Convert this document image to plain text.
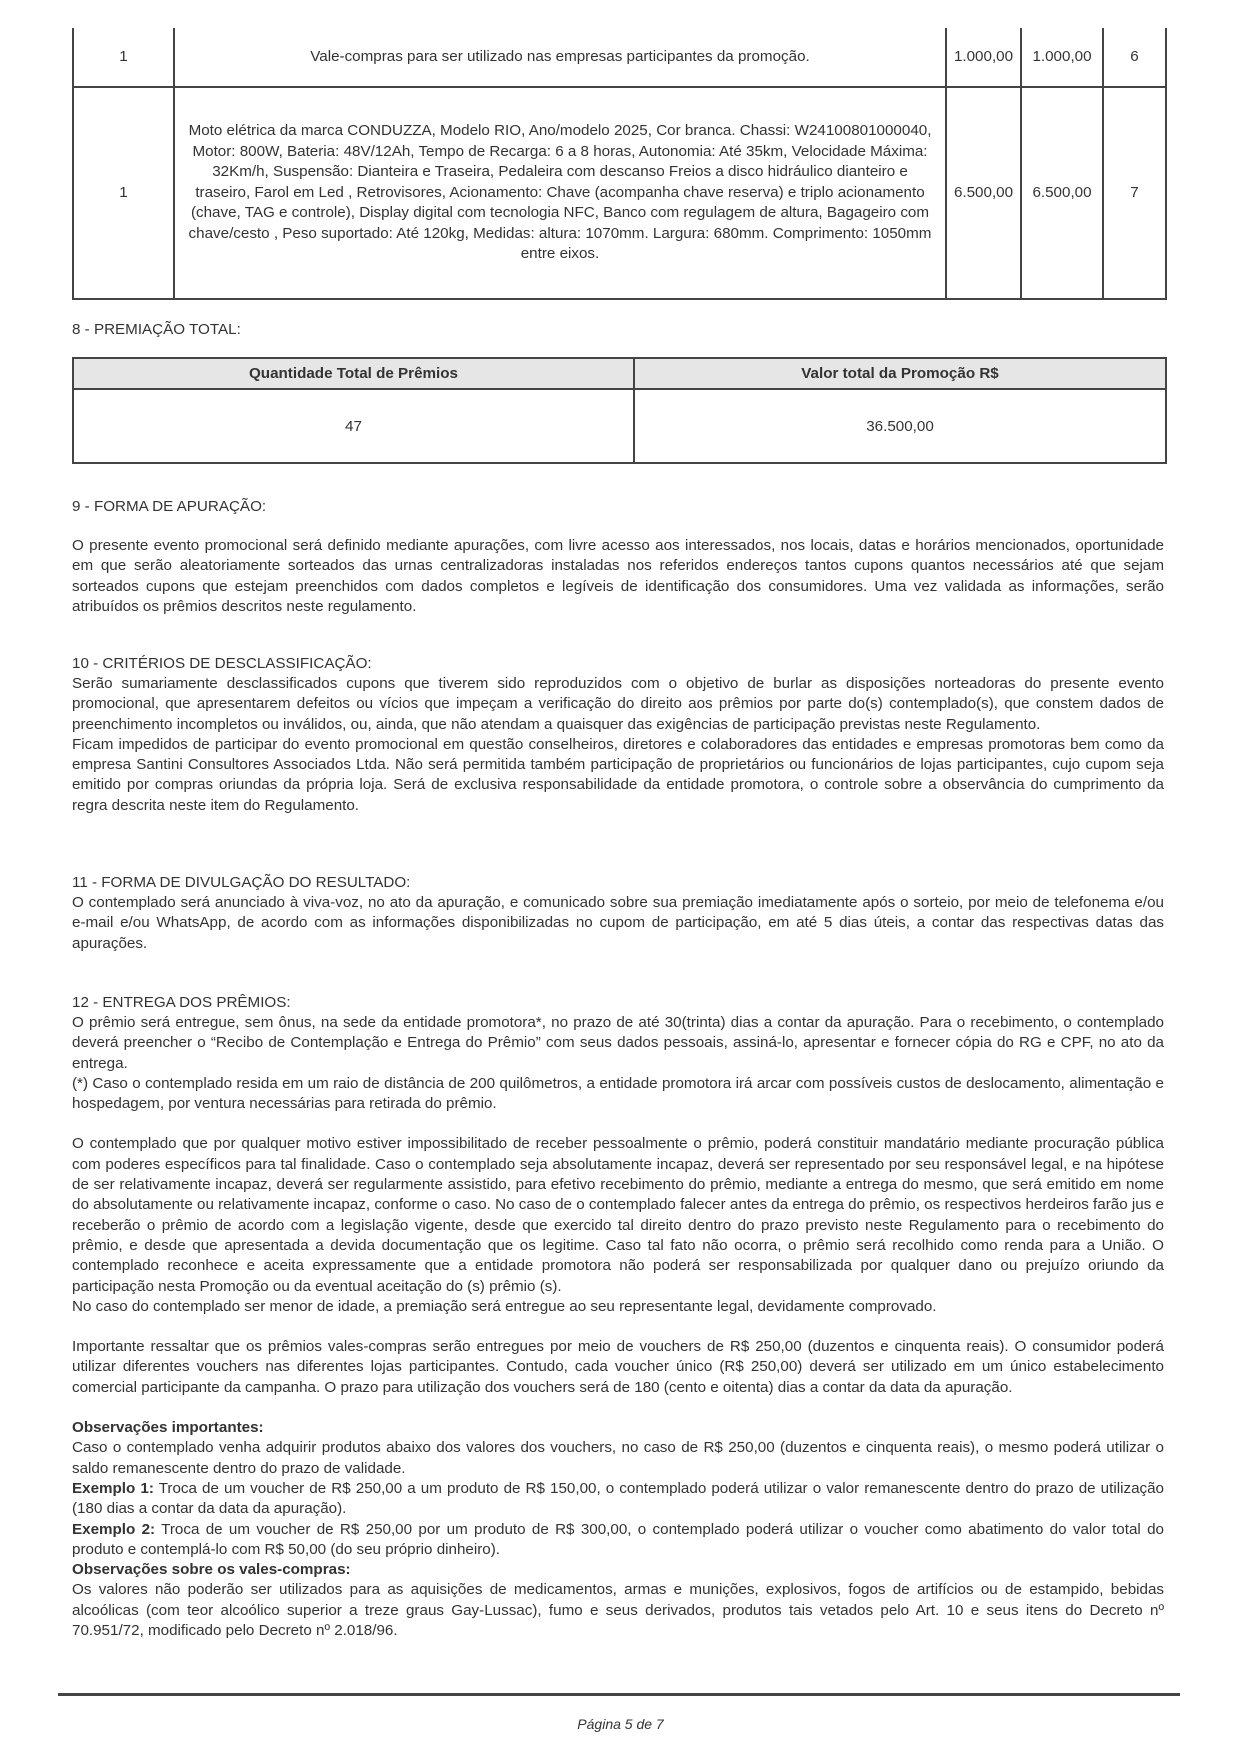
1	Vale-compras para ser utilizado nas empresas participantes da promoção.	1.000,00	1.000,00	6
1	Moto elétrica da marca CONDUZZA, Modelo RIO, Ano/modelo 2025, Cor branca. Chassi: W24100801000040, Motor: 800W, Bateria: 48V/12Ah, Tempo de Recarga: 6 a 8 horas, Autonomia: Até 35km, Velocidade Máxima: 32Km/h, Suspensão: Dianteira e Traseira, Pedaleira com descanso Freios a disco hidráulico dianteiro e traseiro, Farol em Led , Retrovisores, Acionamento: Chave (acompanha chave reserva) e triplo acionamento (chave, TAG e controle), Display digital com tecnologia NFC, Banco com regulagem de altura, Bagageiro com chave/cesto , Peso suportado: Até 120kg, Medidas: altura: 1070mm. Largura: 680mm. Comprimento: 1050mm entre eixos.	6.500,00	6.500,00	7
8 - PREMIAÇÃO TOTAL:
Quantidade Total de Prêmios	Valor total da Promoção R$
47	36.500,00
9 - FORMA DE APURAÇÃO:
O presente evento promocional será definido mediante apurações, com livre acesso aos interessados, nos locais, datas e horários mencionados, oportunidade em que serão aleatoriamente sorteados das urnas centralizadoras instaladas nos referidos endereços tantos cupons quantos necessários até que sejam sorteados cupons que estejam preenchidos com dados completos e legíveis de identificação dos consumidores. Uma vez validada as informações, serão atribuídos os prêmios descritos neste regulamento.
10 - CRITÉRIOS DE DESCLASSIFICAÇÃO:

Serão sumariamente desclassificados cupons que tiverem sido reproduzidos com o objetivo de burlar as disposições norteadoras do presente evento promocional, que apresentarem defeitos ou vícios que impeçam a verificação do direito aos prêmios por parte do(s) contemplado(s), que constem dados de preenchimento incompletos ou inválidos, ou, ainda, que não atendam a quaisquer das exigências de participação previstas neste Regulamento.

Ficam impedidos de participar do evento promocional em questão conselheiros, diretores e colaboradores das entidades e empresas promotoras bem como da empresa Santini Consultores Associados Ltda. Não será permitida também participação de proprietários ou funcionários de lojas participantes, cujo cupom seja emitido por compras oriundas da própria loja. Será de exclusiva responsabilidade da entidade promotora, o controle sobre a observância do cumprimento da regra descrita neste item do Regulamento.

11 - FORMA DE DIVULGAÇÃO DO RESULTADO:
O contemplado será anunciado à viva-voz, no ato da apuração, e comunicado sobre sua premiação imediatamente após o sorteio, por meio de telefonema e/ou e-mail e/ou WhatsApp, de acordo com as informações disponibilizadas no cupom de participação, em até 5 dias úteis, a contar das respectivas datas das apurações.
12 - ENTREGA DOS PRÊMIOS:

O prêmio será entregue, sem ônus, na sede da entidade promotora*, no prazo de até 30(trinta) dias a contar da apuração. Para o recebimento, o contemplado deverá preencher o “Recibo de Contemplação e Entrega do Prêmio” com seus dados pessoais, assiná-lo, apresentar e fornecer cópia do RG e CPF, no ato da entrega.

(*) Caso o contemplado resida em um raio de distância de 200 quilômetros, a entidade promotora irá arcar com possíveis custos de deslocamento, alimentação e hospedagem, por ventura necessárias para retirada do prêmio.

O contemplado que por qualquer motivo estiver impossibilitado de receber pessoalmente o prêmio, poderá constituir mandatário mediante procuração pública com poderes específicos para tal finalidade. Caso o contemplado seja absolutamente incapaz, deverá ser representado por seu responsável legal, e na hipótese de ser relativamente incapaz, deverá ser regularmente assistido, para efetivo recebimento do prêmio, mediante a entrega do mesmo, que será emitido em nome do absolutamente ou relativamente incapaz, conforme o caso. No caso de o contemplado falecer antes da entrega do prêmio, os respectivos herdeiros farão jus e receberão o prêmio de acordo com a legislação vigente, desde que exercido tal direito dentro do prazo previsto neste Regulamento para o recebimento do prêmio, e desde que apresentada a devida documentação que os legitime. Caso tal fato não ocorra, o prêmio será recolhido como renda para a União. O contemplado reconhece e aceita expressamente que a entidade promotora não poderá ser responsabilizada por qualquer dano ou prejuízo oriundo da participação nesta Promoção ou da eventual aceitação do (s) prêmio (s).

No caso do contemplado ser menor de idade, a premiação será entregue ao seu representante legal, devidamente comprovado.

Importante ressaltar que os prêmios vales-compras serão entregues por meio de vouchers de R$ 250,00 (duzentos e cinquenta reais). O consumidor poderá utilizar diferentes vouchers nas diferentes lojas participantes. Contudo, cada voucher único (R$ 250,00) deverá ser utilizado em um único estabelecimento comercial participante da campanha. O prazo para utilização dos vouchers será de 180 (cento e oitenta) dias a contar da data da apuração.

Observações importantes:

Caso o contemplado venha adquirir produtos abaixo dos valores dos vouchers, no caso de R$ 250,00 (duzentos e cinquenta reais), o mesmo poderá utilizar o saldo remanescente dentro do prazo de validade.

Exemplo 1: Troca de um voucher de R$ 250,00 a um produto de R$ 150,00, o contemplado poderá utilizar o valor remanescente dentro do prazo de utilização (180 dias a contar da data da apuração).

Exemplo 2: Troca de um voucher de R$ 250,00 por um produto de R$ 300,00, o contemplado poderá utilizar o voucher como abatimento do valor total do produto e contemplá-lo com R$ 50,00 (do seu próprio dinheiro).

Observações sobre os vales-compras:

Os valores não poderão ser utilizados para as aquisições de medicamentos, armas e munições, explosivos, fogos de artifícios ou de estampido, bebidas alcoólicas (com teor alcoólico superior a treze graus Gay-Lussac), fumo e seus derivados, produtos tais vetados pelo Art. 10 e seus itens do Decreto nº 70.951/72, modificado pelo Decreto nº 2.018/96.

Página 5 de 7
